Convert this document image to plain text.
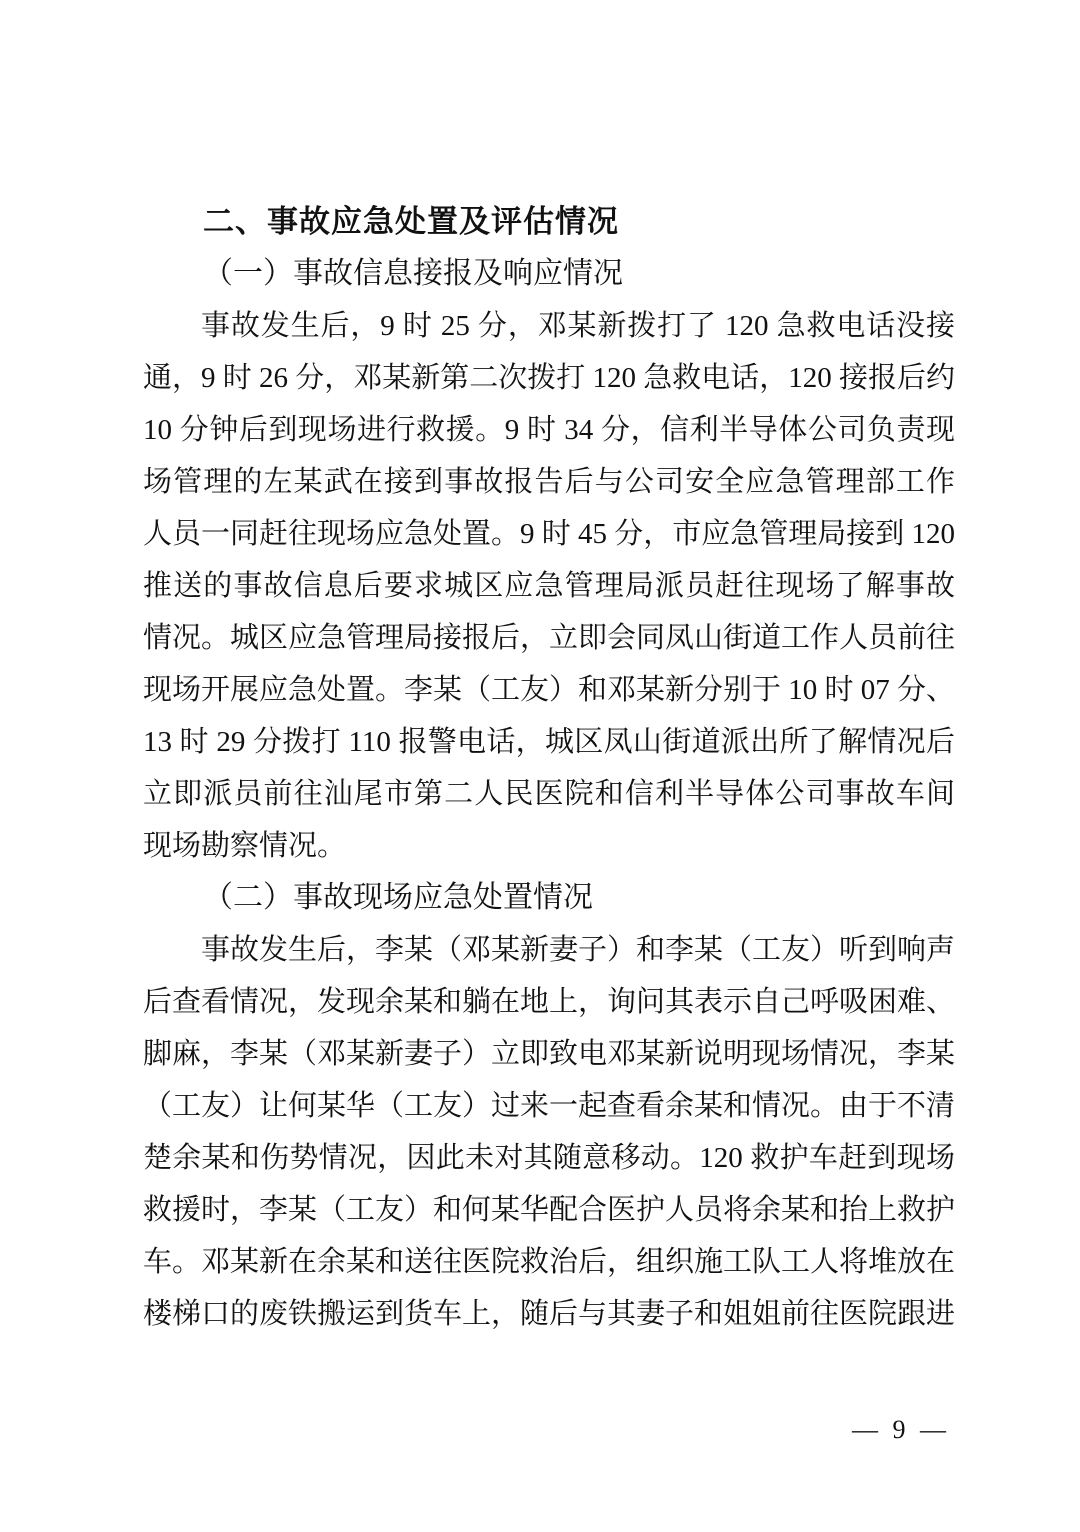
二、事故应急处置及评估情况
（一）事故信息接报及响应情况
事故发生后，9 时 25 分，邓某新拨打了 120 急救电话没接
通，9 时 26 分，邓某新第二次拨打 120 急救电话，120 接报后约
10 分钟后到现场进行救援。9 时 34 分，信利半导体公司负责现
场管理的左某武在接到事故报告后与公司安全应急管理部工作
人员一同赶往现场应急处置。9 时 45 分，市应急管理局接到 120
推送的事故信息后要求城区应急管理局派员赶往现场了解事故
情况。城区应急管理局接报后，立即会同凤山街道工作人员前往
现场开展应急处置。李某（工友）和邓某新分别于 10 时 07 分、
13 时 29 分拨打 110 报警电话，城区凤山街道派出所了解情况后
立即派员前往汕尾市第二人民医院和信利半导体公司事故车间
现场勘察情况。
（二）事故现场应急处置情况
事故发生后，李某（邓某新妻子）和李某（工友）听到响声
后查看情况，发现余某和躺在地上，询问其表示自己呼吸困难、
脚麻，李某（邓某新妻子）立即致电邓某新说明现场情况，李某
（工友）让何某华（工友）过来一起查看余某和情况。由于不清
楚余某和伤势情况，因此未对其随意移动。120 救护车赶到现场
救援时，李某（工友）和何某华配合医护人员将余某和抬上救护
车。邓某新在余某和送往医院救治后，组织施工队工人将堆放在
楼梯口的废铁搬运到货车上，随后与其妻子和姐姐前往医院跟进
— 9 —
